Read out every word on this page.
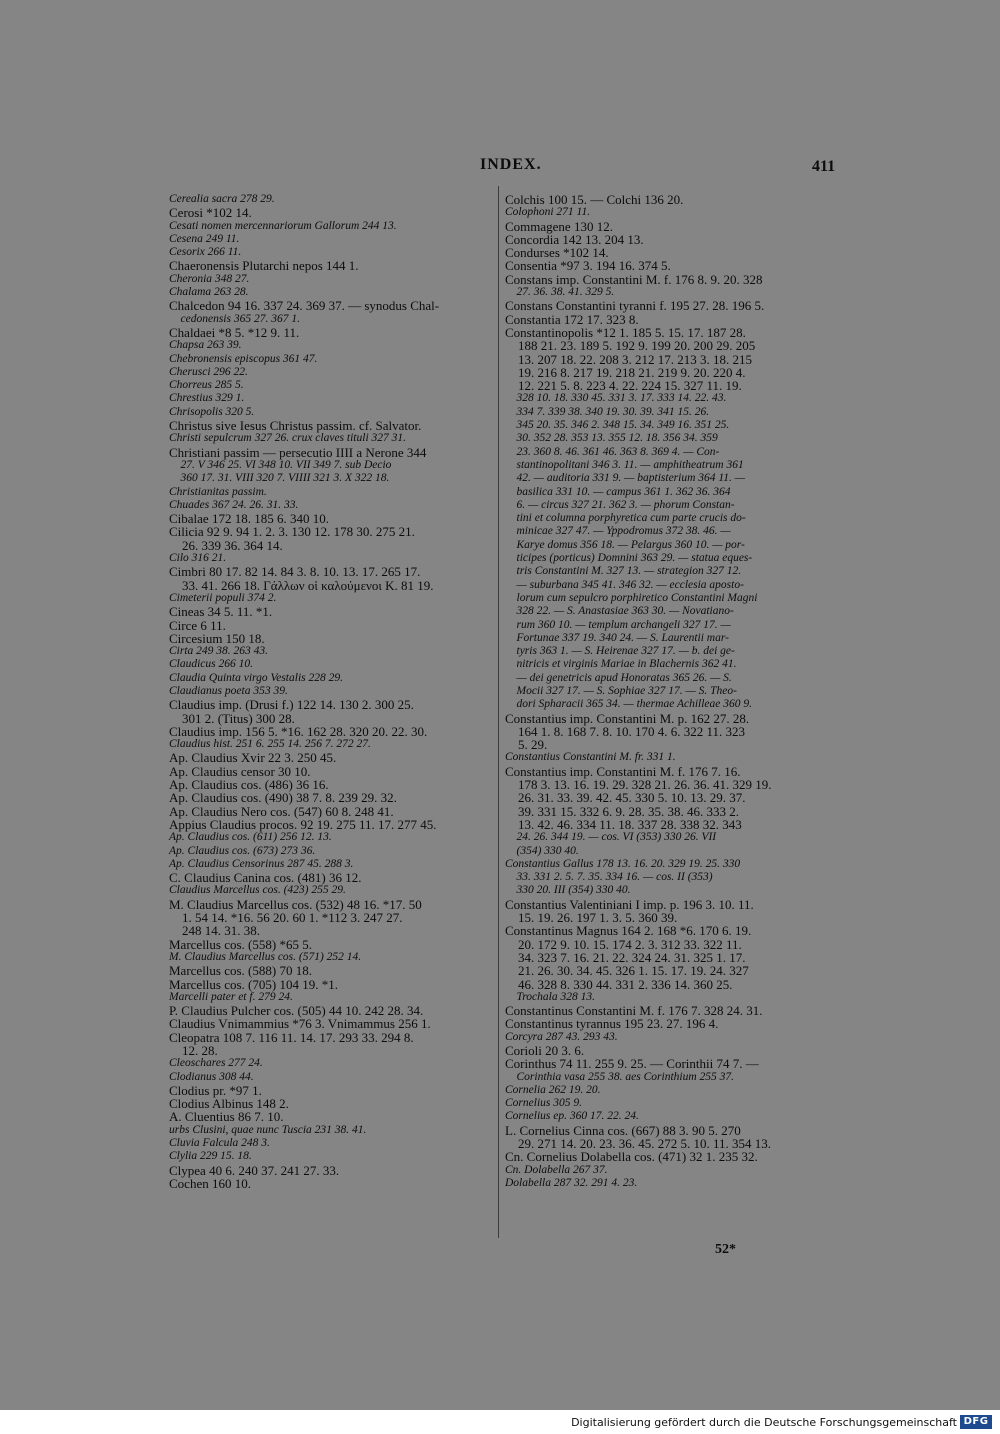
INDEX.	411
Cerealia sacra 278 29.
Cerosi *102 14.
Cesati nomen mercennariorum Gallorum 244 13.
Cesena 249 11.
Cesorix 266 11.
Chaeronensis Plutarchi nepos 144 1.
Cheronia 348 27.
Chalama 263 28.
Chalcedon 94 16. 337 24. 369 37. — synodus Chal-
cedonensis 365 27. 367 1.
Chaldaei *8 5. *12 9. 11.
Chapsa 263 39.
Chebronensis episcopus 361 47.
Cherusci 296 22.
Chorreus 285 5.
Chrestius 329 1.
Chrisopolis 320 5.
Christus sive Iesus Christus passim. cf. Salvator.
Christi sepulcrum 327 26. crux claves tituli 327 31.
Christiani passim — persecutio IIII a Nerone 344
27. V 346 25. VI 348 10. VII 349 7. sub Decio
360 17. 31. VIII 320 7. VIIII 321 3. X 322 18.
Christianitas passim.
Chuades 367 24. 26. 31. 33.
Cibalae 172 18. 185 6. 340 10.
Cilicia 92 9. 94 1. 2. 3. 130 12. 178 30. 275 21.
26. 339 36. 364 14.
Cilo 316 21.
Cimbri 80 17. 82 14. 84 3. 8. 10. 13. 17. 265 17.
33. 41. 266 18. Γάλλων οἱ καλούμενοι Κ. 81 19.
Cimeterii populi 374 2.
Cineas 34 5. 11. *1.
Circe 6 11.
Circesium 150 18.
Cirta 249 38. 263 43.
Claudicus 266 10.
Claudia Quinta virgo Vestalis 228 29.
Claudianus poeta 353 39.
Claudius imp. (Drusi f.) 122 14. 130 2. 300 25.
301 2. (Titus) 300 28.
Claudius imp. 156 5. *16. 162 28. 320 20. 22. 30.
Claudius hist. 251 6. 255 14. 256 7. 272 27.
Ap. Claudius Xvir 22 3. 250 45.
Ap. Claudius censor 30 10.
Ap. Claudius cos. (486) 36 16.
Ap. Claudius cos. (490) 38 7. 8. 239 29. 32.
Ap. Claudius Nero cos. (547) 60 8. 248 41.
Appius Claudius procos. 92 19. 275 11. 17. 277 45.
Ap. Claudius cos. (611) 256 12. 13.
Ap. Claudius cos. (673) 273 36.
Ap. Claudius Censorinus 287 45. 288 3.
C. Claudius Canina cos. (481) 36 12.
Claudius Marcellus cos. (423) 255 29.
M. Claudius Marcellus cos. (532) 48 16. *17. 50
1. 54 14. *16. 56 20. 60 1. *112 3. 247 27.
248 14. 31. 38.
Marcellus cos. (558) *65 5.
M. Claudius Marcellus cos. (571) 252 14.
Marcellus cos. (588) 70 18.
Marcellus cos. (705) 104 19. *1.
Marcelli pater et f. 279 24.
P. Claudius Pulcher cos. (505) 44 10. 242 28. 34.
Claudius Vnimammius *76 3. Vnimammus 256 1.
Cleopatra 108 7. 116 11. 14. 17. 293 33. 294 8.
12. 28.
Cleoschares 277 24.
Clodianus 308 44.
Clodius pr. *97 1.
Clodius Albinus 148 2.
A. Cluentius 86 7. 10.
urbs Clusini, quae nunc Tuscia 231 38. 41.
Cluvia Falcula 248 3.
Clylia 229 15. 18.
Clypea 40 6. 240 37. 241 27. 33.
Cochen 160 10.
Colchis 100 15. — Colchi 136 20.
Colophoni 271 11.
Commagene 130 12.
Concordia 142 13. 204 13.
Condurses *102 14.
Consentia *97 3. 194 16. 374 5.
Constans imp. Constantini M. f. 176 8. 9. 20. 328
27. 36. 38. 41. 329 5.
Constans Constantini tyranni f. 195 27. 28. 196 5.
Constantia 172 17. 323 8.
Constantinopolis *12 1. 185 5. 15. 17. 187 28.
188 21. 23. 189 5. 192 9. 199 20. 200 29. 205
13. 207 18. 22. 208 3. 212 17. 213 3. 18. 215
19. 216 8. 217 19. 218 21. 219 9. 20. 220 4.
12. 221 5. 8. 223 4. 22. 224 15. 327 11. 19.
328 10. 18. 330 45. 331 3. 17. 333 14. 22. 43.
334 7. 339 38. 340 19. 30. 39. 341 15. 26.
345 20. 35. 346 2. 348 15. 34. 349 16. 351 25.
30. 352 28. 353 13. 355 12. 18. 356 34. 359
23. 360 8. 46. 361 46. 363 8. 369 4. — Con-
stantinopolitani 346 3. 11. — amphitheatrum 361
42. — auditoria 331 9. — baptisterium 364 11. —
basilica 331 10. — campus 361 1. 362 36. 364
6. — circus 327 21. 362 3. — phorum Constan-
tini et columna porphyretica cum parte crucis do-
minicae 327 47. — Yppodromus 372 38. 46. —
Karye domus 356 18. — Pelargus 360 10. — por-
ticipes (porticus) Domnini 363 29. — statua eques-
tris Constantini M. 327 13. — strategion 327 12.
— suburbana 345 41. 346 32. — ecclesia aposto-
lorum cum sepulcro porphiretico Constantini Magni
328 22. — S. Anastasiae 363 30. — Novatiano-
rum 360 10. — templum archangeli 327 17. —
Fortunae 337 19. 340 24. — S. Laurentii mar-
tyris 363 1. — S. Heirenae 327 17. — b. dei ge-
nitricis et virginis Mariae in Blachernis 362 41.
— dei genetricis apud Honoratas 365 26. — S.
Mocii 327 17. — S. Sophiae 327 17. — S. Theo-
dori Spharacii 365 34. — thermae Achilleae 360 9.
Constantius imp. Constantini M. p. 162 27. 28.
164 1. 8. 168 7. 8. 10. 170 4. 6. 322 11. 323
5. 29.
Constantius Constantini M. fr. 331 1.
Constantius imp. Constantini M. f. 176 7. 16.
178 3. 13. 16. 19. 29. 328 21. 26. 36. 41. 329 19.
26. 31. 33. 39. 42. 45. 330 5. 10. 13. 29. 37.
39. 331 15. 332 6. 9. 28. 35. 38. 46. 333 2.
13. 42. 46. 334 11. 18. 337 28. 338 32. 343
24. 26. 344 19. — cos. VI (353) 330 26. VII
(354) 330 40.
Constantius Gallus 178 13. 16. 20. 329 19. 25. 330
33. 331 2. 5. 7. 35. 334 16. — cos. II (353)
330 20. III (354) 330 40.
Constantius Valentiniani I imp. p. 196 3. 10. 11.
15. 19. 26. 197 1. 3. 5. 360 39.
Constantinus Magnus 164 2. 168 *6. 170 6. 19.
20. 172 9. 10. 15. 174 2. 3. 312 33. 322 11.
34. 323 7. 16. 21. 22. 324 24. 31. 325 1. 17.
21. 26. 30. 34. 45. 326 1. 15. 17. 19. 24. 327
46. 328 8. 330 44. 331 2. 336 14. 360 25.
Trochala 328 13.
Constantinus Constantini M. f. 176 7. 328 24. 31.
Constantinus tyrannus 195 23. 27. 196 4.
Corcyra 287 43. 293 43.
Corioli 20 3. 6.
Corinthus 74 11. 255 9. 25. — Corinthii 74 7. —
Corinthia vasa 255 38. aes Corinthium 255 37.
Cornelia 262 19. 20.
Cornelius 305 9.
Cornelius ep. 360 17. 22. 24.
L. Cornelius Cinna cos. (667) 88 3. 90 5. 270
29. 271 14. 20. 23. 36. 45. 272 5. 10. 11. 354 13.
Cn. Cornelius Dolabella cos. (471) 32 1. 235 32.
Cn. Dolabella 267 37.
Dolabella 287 32. 291 4. 23.
52*
Digitalisierung gefördert durch die Deutsche Forschungsgemeinschaft DFG
